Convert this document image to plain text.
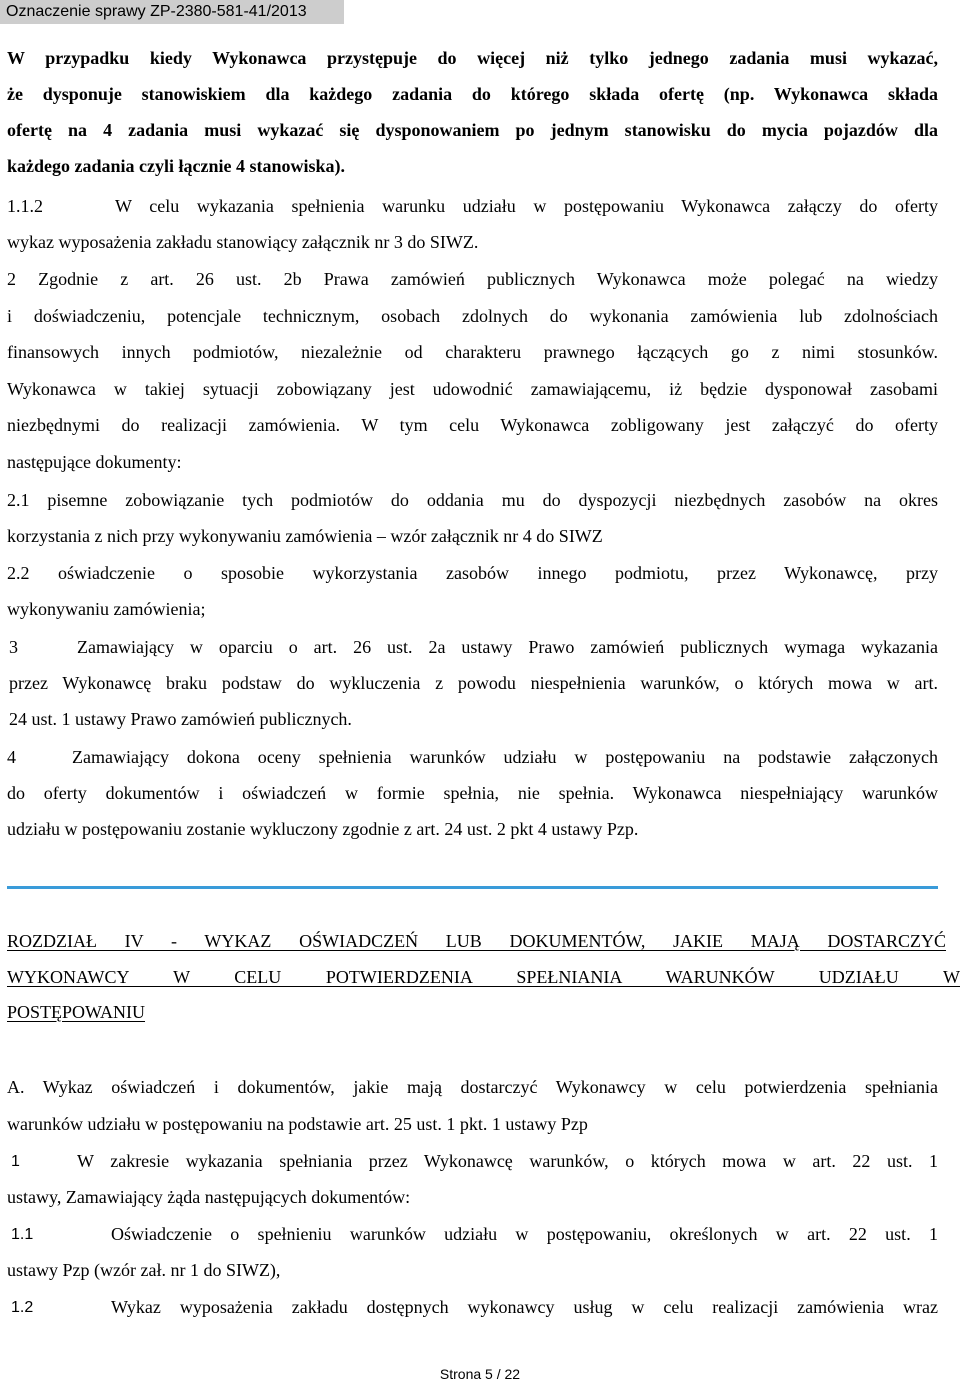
Oznaczenie sprawy ZP-2380-581-41/2013

W przypadku kiedy Wykonawca przystępuje do więcej niż tylko jednego zadania musi wykazać,

że dysponuje stanowiskiem dla każdego zadania do którego składa ofertę (np. Wykonawca składa

ofertę na 4 zadania musi wykazać się dysponowaniem po jednym stanowisku do mycia pojazdów dla

każdego zadania czyli łącznie 4 stanowiska).

1.1.2	W celu wykazania spełnienia warunku udziału w postępowaniu Wykonawca załączy do oferty

wykaz wyposażenia zakładu stanowiący załącznik nr 3 do SIWZ.

2 Zgodnie z art. 26 ust. 2b Prawa zamówień publicznych Wykonawca może polegać na wiedzy

i doświadczeniu, potencjale technicznym, osobach zdolnych do wykonania zamówienia lub zdolnościach

finansowych innych podmiotów, niezależnie od charakteru prawnego łączących go z nimi stosunków.

Wykonawca w takiej sytuacji zobowiązany jest udowodnić zamawiającemu, iż będzie dysponował zasobami

niezbędnymi do realizacji zamówienia. W tym celu Wykonawca zobligowany jest załączyć do oferty

następujące dokumenty:

2.1 pisemne zobowiązanie tych podmiotów do oddania mu do dyspozycji niezbędnych zasobów na okres

korzystania z nich przy wykonywaniu zamówienia – wzór załącznik nr 4 do SIWZ

2.2 oświadczenie o sposobie wykorzystania zasobów innego podmiotu, przez Wykonawcę, przy

wykonywaniu zamówienia;

3	Zamawiający w oparciu o art. 26 ust. 2a ustawy Prawo zamówień publicznych wymaga wykazania

przez Wykonawcę braku podstaw do wykluczenia z powodu niespełnienia warunków, o których mowa w art.

24 ust. 1 ustawy Prawo zamówień publicznych.

4	Zamawiający dokona oceny spełnienia warunków udziału w postępowaniu na podstawie załączonych

do oferty dokumentów i oświadczeń w formie spełnia, nie spełnia. Wykonawca niespełniający warunków

udziału w postępowaniu zostanie wykluczony zgodnie z art. 24 ust. 2 pkt 4 ustawy Pzp.

ROZDZIAŁ IV - WYKAZ OŚWIADCZEŃ LUB DOKUMENTÓW, JAKIE MAJĄ DOSTARCZYĆ

WYKONAWCY W CELU POTWIERDZENIA SPEŁNIANIA WARUNKÓW UDZIAŁU W

POSTĘPOWANIU

A. Wykaz oświadczeń i dokumentów, jakie mają dostarczyć Wykonawcy w celu potwierdzenia spełniania

warunków udziału w postępowaniu na podstawie art. 25 ust. 1 pkt. 1 ustawy Pzp

1	W zakresie wykazania spełniania przez Wykonawcę warunków, o których mowa w art. 22 ust. 1

ustawy, Zamawiający żąda następujących dokumentów:

1.1	Oświadczenie o spełnieniu warunków udziału w postępowaniu, określonych w art. 22 ust. 1

ustawy Pzp (wzór zał. nr 1 do SIWZ),

1.2	Wykaz wyposażenia zakładu dostępnych wykonawcy usług w celu realizacji zamówienia wraz

Strona 5 / 22
